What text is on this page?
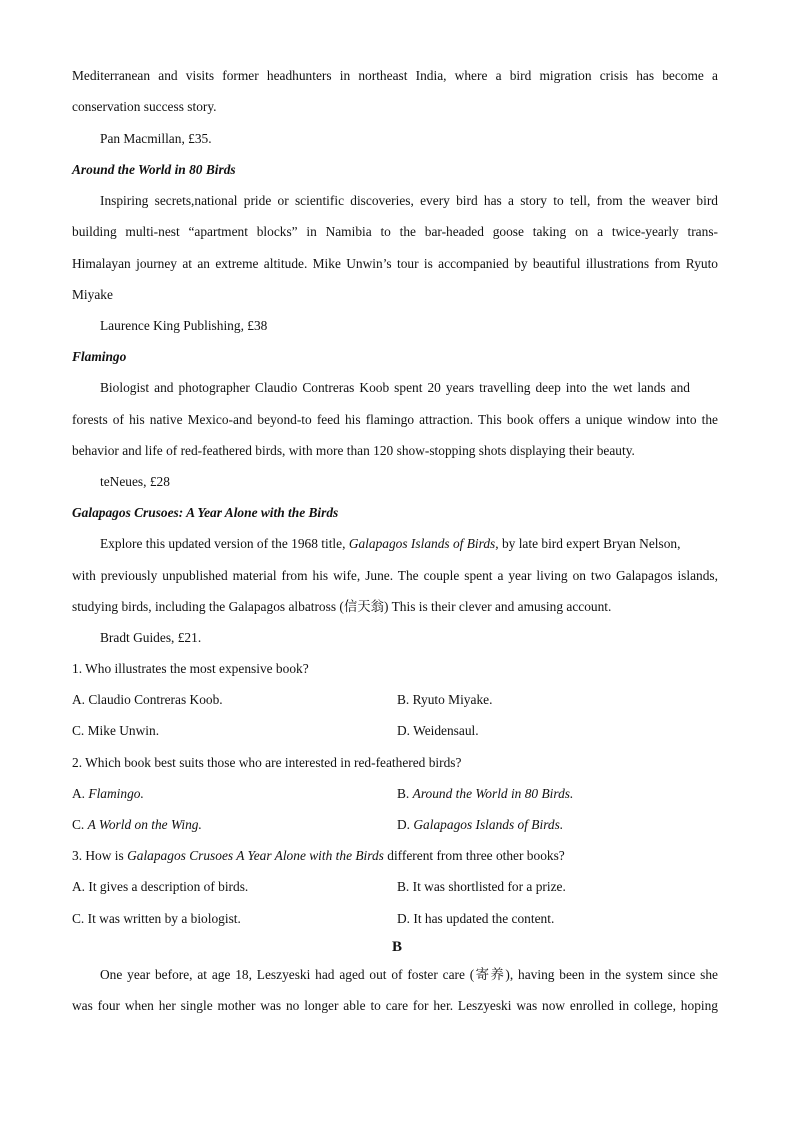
Mediterranean and visits former headhunters in northeast India, where a bird migration crisis has become a
conservation success story.
Pan Macmillan, £35.
Around the World in 80 Birds
Inspiring secrets,national pride or scientific discoveries, every bird has a story to tell, from the weaver bird
building multi-nest “apartment blocks” in Namibia to the bar-headed goose taking on a twice-yearly trans-
Himalayan journey at an extreme altitude. Mike Unwin’s tour is accompanied by beautiful illustrations from Ryuto
Miyake
Laurence King Publishing, £38
Flamingo
Biologist and photographer Claudio Contreras Koob spent 20 years travelling deep into the wet lands and
forests of his native Mexico-and beyond-to feed his flamingo attraction. This book offers a unique window into the
behavior and life of red-feathered birds, with more than 120 show-stopping shots displaying their beauty.
teNeues, £28
Galapagos Crusoes: A Year Alone with the Birds
Explore this updated version of the 1968 title, Galapagos Islands of Birds, by late bird expert Bryan Nelson,
with previously unpublished material from his wife, June. The couple spent a year living on two Galapagos islands,
studying birds, including the Galapagos albatross (信天翁) This is their clever and amusing account.
Bradt Guides, £21.
1. Who illustrates the most expensive book?
A. Claudio Contreras Koob.	B. Ryuto Miyake.
C. Mike Unwin.	D. Weidensaul.
2. Which book best suits those who are interested in red-feathered birds?
A. Flamingo.	B. Around the World in 80 Birds.
C. A World on the Wing.	D. Galapagos Islands of Birds.
3. How is Galapagos Crusoes A Year Alone with the Birds different from three other books?
A. It gives a description of birds.	B. It was shortlisted for a prize.
C. It was written by a biologist.	D. It has updated the content.
B
One year before, at age 18, Leszyeski had aged out of foster care (寄养), having been in the system since she
was four when her single mother was no longer able to care for her. Leszyeski was now enrolled in college, hoping
